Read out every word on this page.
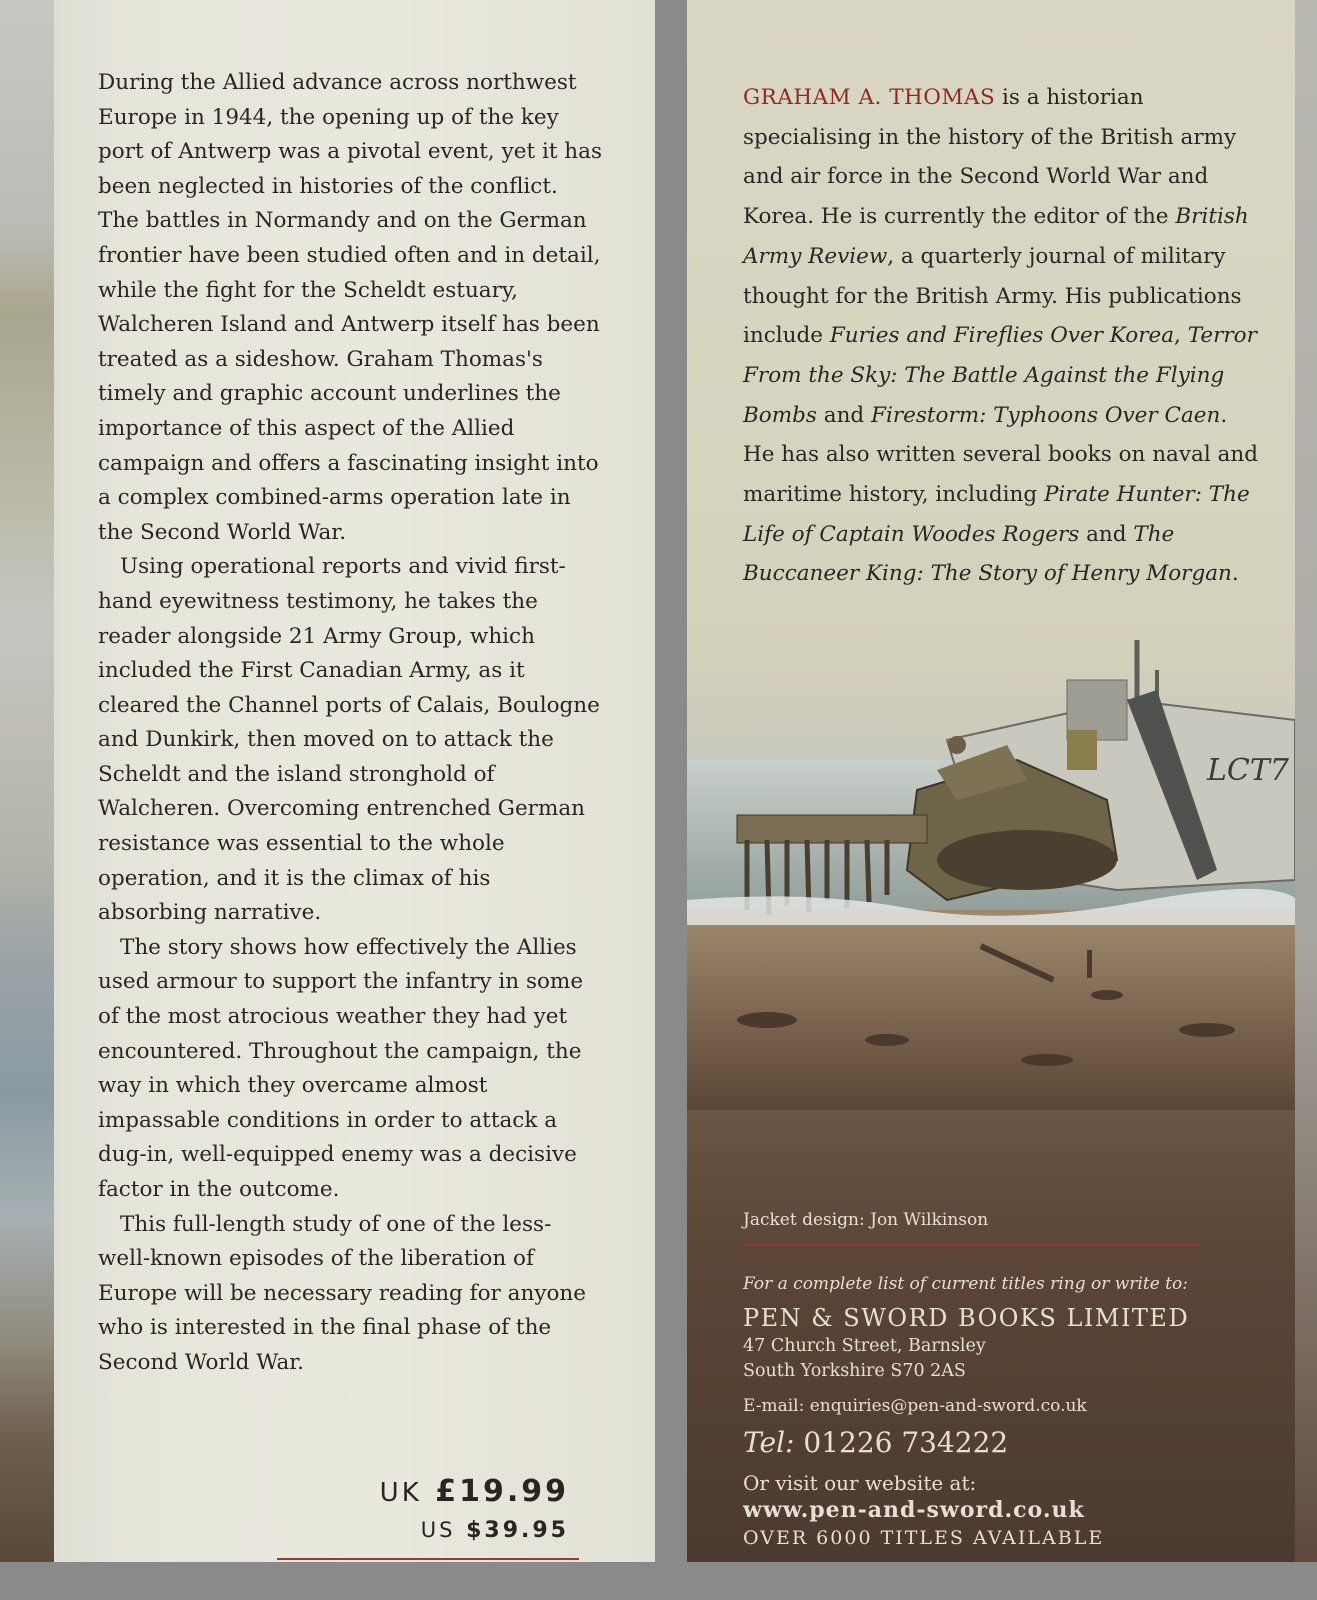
During the Allied advance across northwest Europe in 1944, the opening up of the key port of Antwerp was a pivotal event, yet it has been neglected in histories of the conflict. The battles in Normandy and on the German frontier have been studied often and in detail, while the fight for the Scheldt estuary, Walcheren Island and Antwerp itself has been treated as a sideshow. Graham Thomas's timely and graphic account underlines the importance of this aspect of the Allied campaign and offers a fascinating insight into a complex combined-arms operation late in the Second World War.

Using operational reports and vivid first-hand eyewitness testimony, he takes the reader alongside 21 Army Group, which included the First Canadian Army, as it cleared the Channel ports of Calais, Boulogne and Dunkirk, then moved on to attack the Scheldt and the island stronghold of Walcheren. Overcoming entrenched German resistance was essential to the whole operation, and it is the climax of his absorbing narrative.

The story shows how effectively the Allies used armour to support the infantry in some of the most atrocious weather they had yet encountered. Throughout the campaign, the way in which they overcame almost impassable conditions in order to attack a dug-in, well-equipped enemy was a decisive factor in the outcome.

This full-length study of one of the less-well-known episodes of the liberation of Europe will be necessary reading for anyone who is interested in the final phase of the Second World War.

UK £19.99
US $39.95
GRAHAM A. THOMAS is a historian specialising in the history of the British army and air force in the Second World War and Korea. He is currently the editor of the British Army Review, a quarterly journal of military thought for the British Army. His publications include Furies and Fireflies Over Korea, Terror From the Sky: The Battle Against the Flying Bombs and Firestorm: Typhoons Over Caen. He has also written several books on naval and maritime history, including Pirate Hunter: The Life of Captain Woodes Rogers and The Buccaneer King: The Story of Henry Morgan.
LCT7
Jacket design: Jon Wilkinson
For a complete list of current titles ring or write to:
PEN & SWORD BOOKS LIMITED
47 Church Street, Barnsley
South Yorkshire S70 2AS
E-mail: enquiries@pen-and-sword.co.uk
Tel: 01226 734222
Or visit our website at:
www.pen-and-sword.co.uk
OVER 6000 TITLES AVAILABLE
